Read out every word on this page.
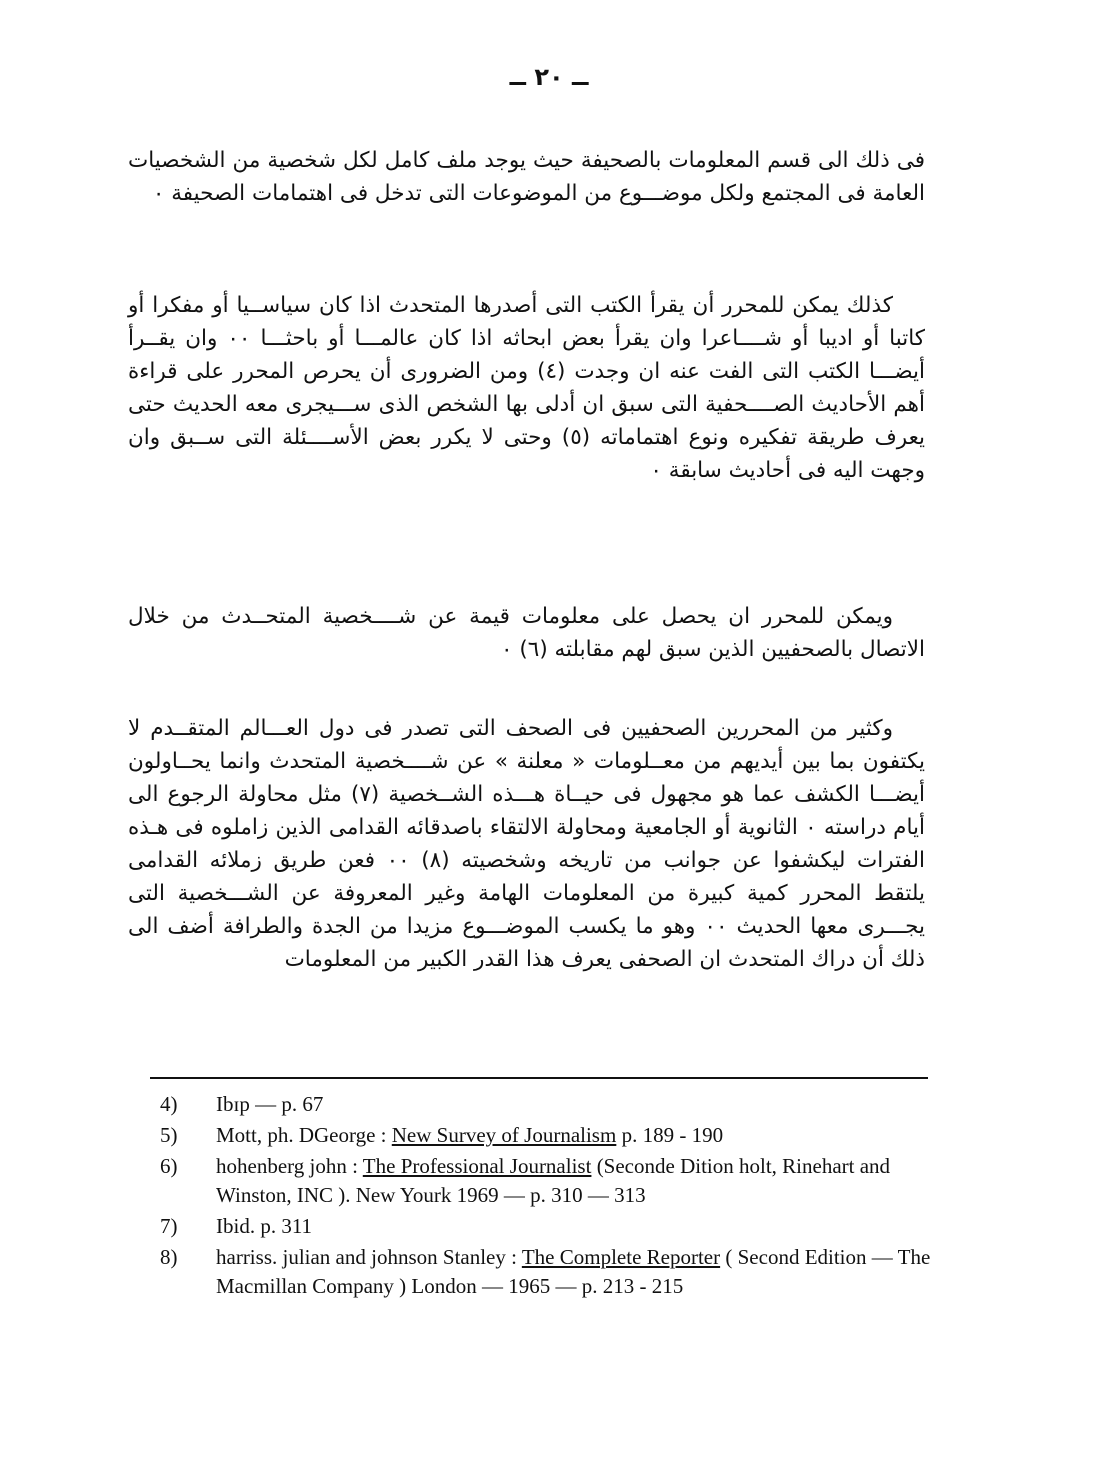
ــ ٢٠ ــ

فى ذلك الى قسم المعلومات بالصحيفة حيث يوجد ملف كامل لكل شخصية من الشخصيات العامة فى المجتمع ولكل موضـــوع من الموضوعات التى تدخل فى اهتمامات الصحيفة ٠

كذلك يمكن للمحرر أن يقرأ الكتب التى أصدرها المتحدث اذا كان سياســيا أو مفكرا أو كاتبا أو اديبا أو شــــاعرا وان يقرأ بعض ابحاثه اذا كان عالمـــا أو باحثـــا ٠٠ وان يقــرأ أيضـــا الكتب التى الفت عنه ان وجدت (٤) ومن الضرورى أن يحرص المحرر على قراءة أهم الأحاديث الصــــحفية التى سبق ان أدلى بها الشخص الذى ســـيجرى معه الحديث حتى يعرف طريقة تفكيره ونوع اهتماماته (٥) وحتى لا يكرر بعض الأســــئلة التى ســبق وان وجهت اليه فى أحاديث سابقة ٠

ويمكن للمحرر ان يحصل على معلومات قيمة عن شــــخصية المتحــدث من خلال الاتصال بالصحفيين الذين سبق لهم مقابلته (٦) ٠

وكثير من المحررين الصحفيين فى الصحف التى تصدر فى دول العـــالم المتقــدم لا يكتفون بما بين أيديهم من معــلومات « معلنة » عن شــــخصية المتحدث وانما يحــاولون أيضـــا الكشف عما هو مجهول فى حيــاة هـــذه الشــخصية (٧) مثل محاولة الرجوع الى أيام دراسته ٠ الثانوية أو الجامعية ومحاولة الالتقاء باصدقائه القدامى الذين زاملوه فى هـذه الفترات ليكشفوا عن جوانب من تاريخه وشخصيته (٨) ٠٠ فعن طريق زملائه القدامى يلتقط المحرر كمية كبيرة من المعلومات الهامة وغير المعروفة عن الشـــخصية التى يجـــرى معها الحديث ٠٠ وهو ما يكسب الموضـــوع مزيدا من الجدة والطرافة أضف الى ذلك أن دراك المتحدث ان الصحفى يعرف هذا القدر الكبير من المعلومات

4) Ibɪp — p. 67
5) Mott, ph. DGeorge : New Survey of Journalism p. 189 - 190
6) hohenberg john : The Professional Journalist (Seconde Dition holt, Rinehart and Winston, INC ). New Yourk 1969 — p. 310 — 313
7) Ibid. p. 311
8) harriss. julian and johnson Stanley : The Complete Reporter ( Second Edition — The Macmillan Company ) London — 1965 — p. 213 - 215
